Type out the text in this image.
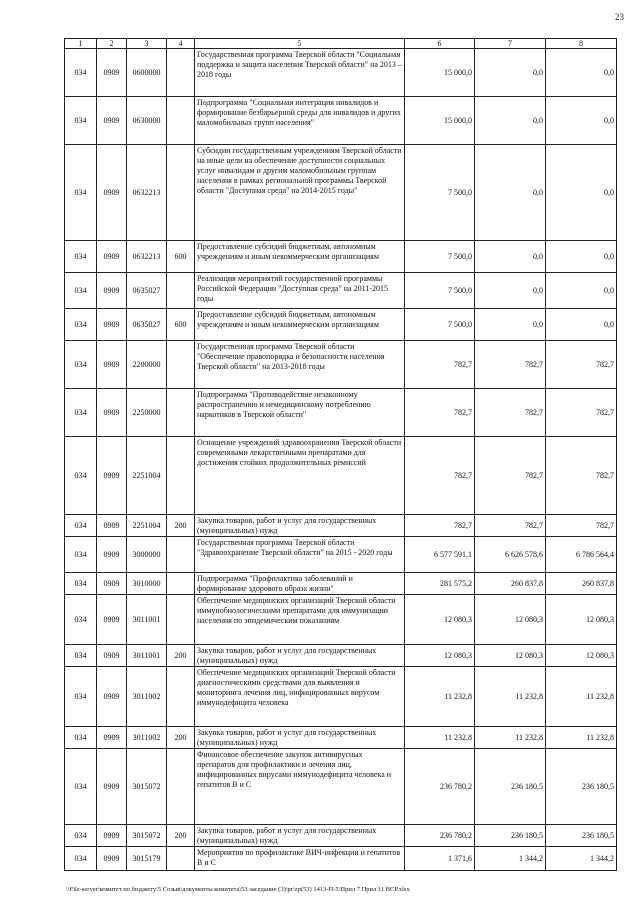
23
1	2	3	4	5	6	7	8
034	0909	0600000		Государственная программа Тверской области "Социальная поддержка и защита населения Тверской области" на 2013 – 2018 годы	15 000,0	0,0	0,0
034	0909	0630000		Подпрограмма "Социальная интеграция инвалидов и формирование безбарьерной среды для инвалидов и других маломобильных групп населения"	15 000,0	0,0	0,0
034	0909	0632213		Субсидии государственным учреждениям Тверской области на иные цели на обеспечение доступности социальных услуг инвалидам и другим маломобильным группам населения в рамках региональной программы Тверской области "Доступная среда" на 2014-2015 годы"	7 500,0	0,0	0,0
034	0909	0632213	600	Предоставление субсидий бюджетным, автономным учреждениям и иным некоммерческим организациям	7 500,0	0,0	0,0
034	0909	0635027		Реализация мероприятий государственной программы Российской Федерации "Доступная среда" на 2011-2015 годы	7 500,0	0,0	0,0
034	0909	0635027	600	Предоставление субсидий бюджетным, автономным учреждениям и иным некоммерческим организациям	7 500,0	0,0	0,0
034	0909	2200000		Государственная программа Тверской области "Обеспечение правопорядка и безопасности населения Тверской области" на 2013-2018 годы	782,7	782,7	782,7
034	0909	2250000		Подпрограмма "Противодействие незаконному распространению и немедицинскому потреблению наркотиков в Тверской области"	782,7	782,7	782,7
034	0909	2251004		Оснащение учреждений здравоохранения Тверской области современными лекарственными препаратами для достижения стойких продолжительных ремиссий	782,7	782,7	782,7
034	0909	2251004	200	Закупка товаров, работ и услуг для государственных (муниципальных) нужд	782,7	782,7	782,7
034	0909	3000000		Государственная программа Тверской области "Здравоохранение Тверской области" на 2015 - 2020 годы	6 577 591,1	6 626 578,6	6 786 564,4
034	0909	3010000		Подпрограмма "Профилактика заболеваний и формирование здорового образа жизни"	281 575,2	260 837,8	260 837,8
034	0909	3011001		Обеспечение медицинских организаций Тверской области иммунобиологическими препаратами для иммунизации населения по эпидемическим показаниям	12 080,3	12 080,3	12 080,3
034	0909	3011001	200	Закупка товаров, работ и услуг для государственных (муниципальных) нужд	12 080,3	12 080,3	12 080,3
034	0909	3011002		Обеспечение медицинских организаций Тверской области диагностическими средствами для выявления и мониторинга лечения лиц, инфицированных вирусом иммунодефицита человека	11 232,8	11 232,8	11 232,8
034	0909	3011002	200	Закупка товаров, работ и услуг для государственных (муниципальных) нужд	11 232,8	11 232,8	11 232,8
034	0909	3015072		Финансовое обеспечение закупок антивирусных препаратов для профилактики и лечения лиц, инфицированных вирусами иммунодефицита человека и гепатитов В и С	236 780,2	236 180,5	236 180,5
034	0909	3015072	200	Закупка товаров, работ и услуг для государственных (муниципальных) нужд	236 780,2	236 180,5	236 180,5
034	0909	3015179		Мероприятия по профилактике ВИЧ-инфекции и гепатитов В и С	1 371,6	1 344,2	1 344,2
\\File-server\комитет по бюджету\5 Созыв\документы комитета\53 заседание (3)\pr\zp(53) 1413-П-5\Прил 7 Прил 11 ВСР.xlsx
